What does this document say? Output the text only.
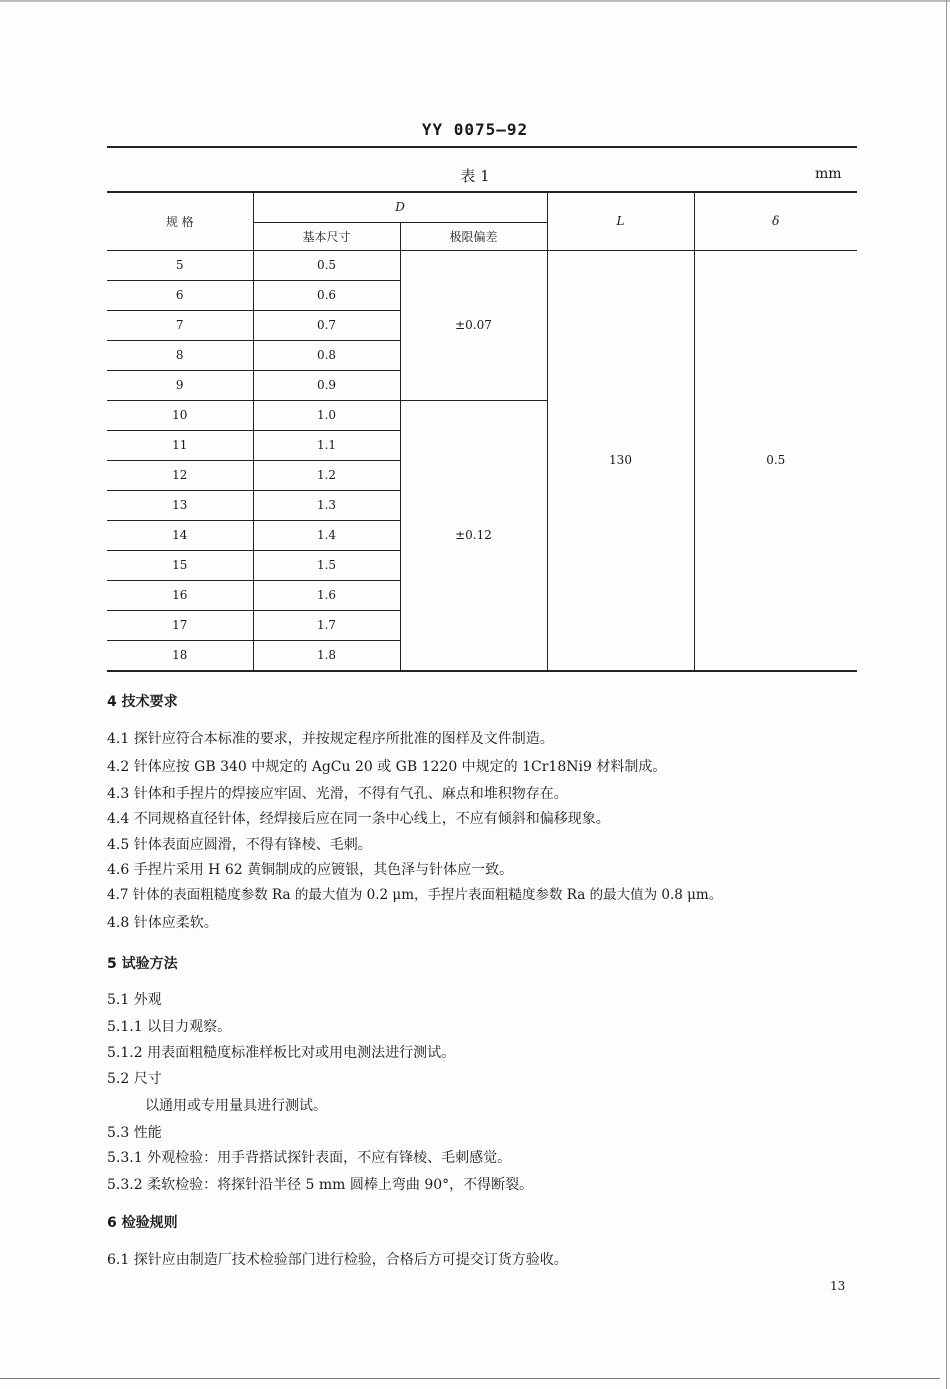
YY 0075—92
表 1	mm
规 格	D		L	δ
	基本尺寸	极限偏差		
5	0.5	±0.07	130	0.5
6	0.6			
7	0.7			
8	0.8			
9	0.9			
10	1.0	±0.12		
11	1.1			
12	1.2			
13	1.3			
14	1.4			
15	1.5			
16	1.6			
17	1.7			
18	1.8			
4 技术要求
4.1 探针应符合本标准的要求，并按规定程序所批准的图样及文件制造。
4.2 针体应按 GB 340 中规定的 AgCu 20 或 GB 1220 中规定的 1Cr18Ni9 材料制成。
4.3 针体和手捏片的焊接应牢固、光滑，不得有气孔、麻点和堆积物存在。
4.4 不同规格直径针体，经焊接后应在同一条中心线上，不应有倾斜和偏移现象。
4.5 针体表面应圆滑，不得有锋棱、毛刺。
4.6 手捏片采用 H 62 黄铜制成的应镀银，其色泽与针体应一致。
4.7 针体的表面粗糙度参数 Ra 的最大值为 0.2 μm，手捏片表面粗糙度参数 Ra 的最大值为 0.8 μm。
4.8 针体应柔软。
5 试验方法
5.1 外观
5.1.1 以目力观察。
5.1.2 用表面粗糙度标准样板比对或用电测法进行测试。
5.2 尺寸
以通用或专用量具进行测试。
5.3 性能
5.3.1 外观检验：用手背搭试探针表面，不应有锋棱、毛刺感觉。
5.3.2 柔软检验：将探针沿半径 5 mm 圆棒上弯曲 90°，不得断裂。
6 检验规则
6.1 探针应由制造厂技术检验部门进行检验，合格后方可提交订货方验收。
13
